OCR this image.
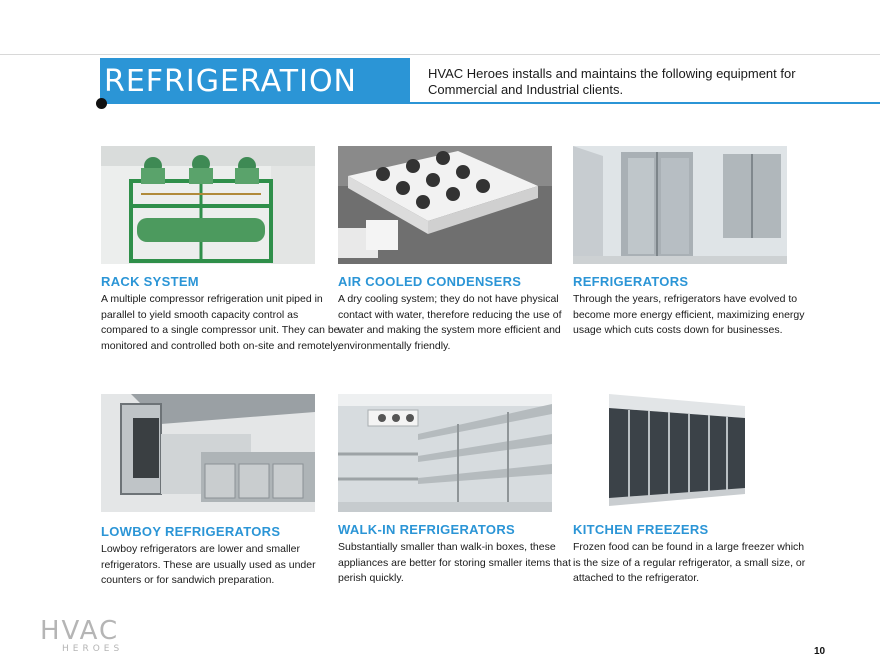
REFRIGERATION	HVAC Heroes installs and maintains the following equipment for Commercial and Industrial clients.
RACK SYSTEM
A multiple compressor refrigeration unit piped in parallel to yield smooth capacity control as compared to a single compressor unit. They can be monitored and controlled both on-site and remotely.
AIR COOLED CONDENSERS
A dry cooling system; they do not have physical contact with water, therefore reducing the use of water and making the system more efficient and environmentally friendly.
REFRIGERATORS
Through the years, refrigerators have evolved to become more energy efficient, maximizing energy usage which cuts costs down for businesses.
LOWBOY REFRIGERATORS
Lowboy refrigerators are lower and smaller refrigerators. These are usually used as under counters or for sandwich preparation.
WALK-IN REFRIGERATORS
Substantially smaller than walk-in boxes, these appliances are better for storing smaller items that perish quickly.
KITCHEN FREEZERS
Frozen food can be found in a large freezer which is the size of a regular refrigerator, a small size, or attached to the refrigerator.
HVAC
HEROES	10
